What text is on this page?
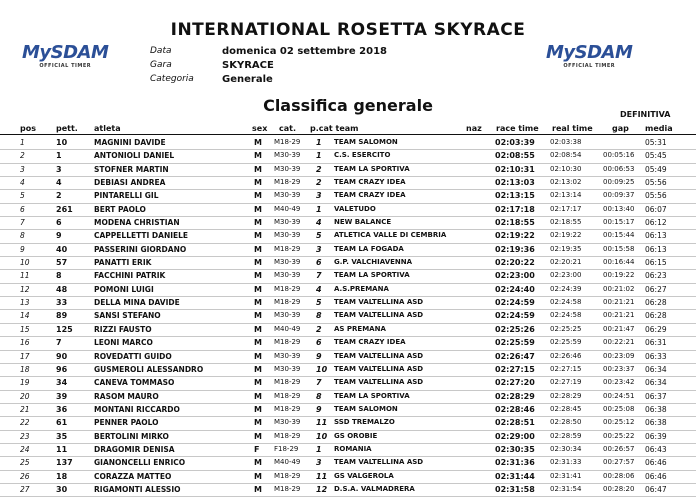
INTERNATIONAL ROSETTA SKYRACE
MySDAM
OFFICIAL TIMER
MySDAM
OFFICIAL TIMER
Data	domenica 02 settembre 2018
Gara	SKYRACE
Categoria	Generale
Classifica generale	DEFINITIVA
pos	pett. atleta	sex cat. p.cat team	naz race time real time gap media
1	10	MAGNINI DAVIDE	M M18-29 1 TEAM SALOMON	02:03:39 02:03:38	05:31
2	1	ANTONIOLI DANIEL	M M30-39 1 C.S. ESERCITO	02:08:55 02:08:54	00:05:16 05:45
3	3	STOFNER MARTIN	M M30-39 2 TEAM LA SPORTIVA	02:10:31 02:10:30	00:06:53 05:49
4	4	DEBIASI ANDREA	M M18-29 2 TEAM CRAZY IDEA	02:13:03 02:13:02	00:09:25 05:56
5	2	PINTARELLI GIL	M M30-39 3 TEAM CRAZY IDEA	02:13:15 02:13:14	00:09:37 05:56
6	261	BERT PAOLO	M M40-49 1 VALETUDO	02:17:18 02:17:17	00:13:40 06:07
7	6	MODENA CHRISTIAN	M M30-39 4 NEW BALANCE	02:18:55 02:18:55	00:15:17 06:12
8	9	CAPPELLETTI DANIELE	M M30-39 5 ATLETICA VALLE DI CEMBRIA	02:19:22 02:19:22	00:15:44 06:13
9	40	PASSERINI GIORDANO	M M18-29 3 TEAM LA FOGADA	02:19:36 02:19:35	00:15:58 06:13
10	57	PANATTI ERIK	M M30-39 6 G.P. VALCHIAVENNA	02:20:22 02:20:21	00:16:44 06:15
11	8	FACCHINI PATRIK	M M30-39 7 TEAM LA SPORTIVA	02:23:00 02:23:00	00:19:22 06:23
12	48	POMONI LUIGI	M M18-29 4 A.S.PREMANA	02:24:40 02:24:39	00:21:02 06:27
13	33	DELLA MINA DAVIDE	M M18-29 5 TEAM VALTELLINA ASD	02:24:59 02:24:58	00:21:21 06:28
14	89	SANSI STEFANO	M M30-39 8 TEAM VALTELLINA ASD	02:24:59 02:24:58	00:21:21 06:28
15	125	RIZZI FAUSTO	M M40-49 2 AS PREMANA	02:25:26 02:25:25	00:21:47 06:29
16	7	LEONI MARCO	M M18-29 6 TEAM CRAZY IDEA	02:25:59 02:25:59	00:22:21 06:31
17	90	ROVEDATTI GUIDO	M M30-39 9 TEAM VALTELLINA ASD	02:26:47 02:26:46	00:23:09 06:33
18	96	GUSMEROLI ALESSANDRO	M M30-39 10 TEAM VALTELLINA ASD	02:27:15 02:27:15	00:23:37 06:34
19	34	CANEVA TOMMASO	M M18-29 7 TEAM VALTELLINA ASD	02:27:20 02:27:19	00:23:42 06:34
20	39	RASOM MAURO	M M18-29 8 TEAM LA SPORTIVA	02:28:29 02:28:29	00:24:51 06:37
21	36	MONTANI RICCARDO	M M18-29 9 TEAM SALOMON	02:28:46 02:28:45	00:25:08 06:38
22	61	PENNER PAOLO	M M30-39 11 SSD TREMALZO	02:28:51 02:28:50	00:25:12 06:38
23	35	BERTOLINI MIRKO	M M18-29 10 GS OROBIE	02:29:00 02:28:59	00:25:22 06:39
24	11	DRAGOMIR DENISA	F F18-29 1 ROMANIA	02:30:35 02:30:34	00:26:57 06:43
25	137	GIANONCELLI ENRICO	M M40-49 3 TEAM VALTELLINA ASD	02:31:36 02:31:33	00:27:57 06:46
26	18	CORAZZA MATTEO	M M18-29 11 GS VALGEROLA	02:31:44 02:31:41	00:28:06 06:46
27	30	RIGAMONTI ALESSIO	M M18-29 12 D.S.A. VALMADRERA	02:31:58 02:31:54	00:28:20 06:47
